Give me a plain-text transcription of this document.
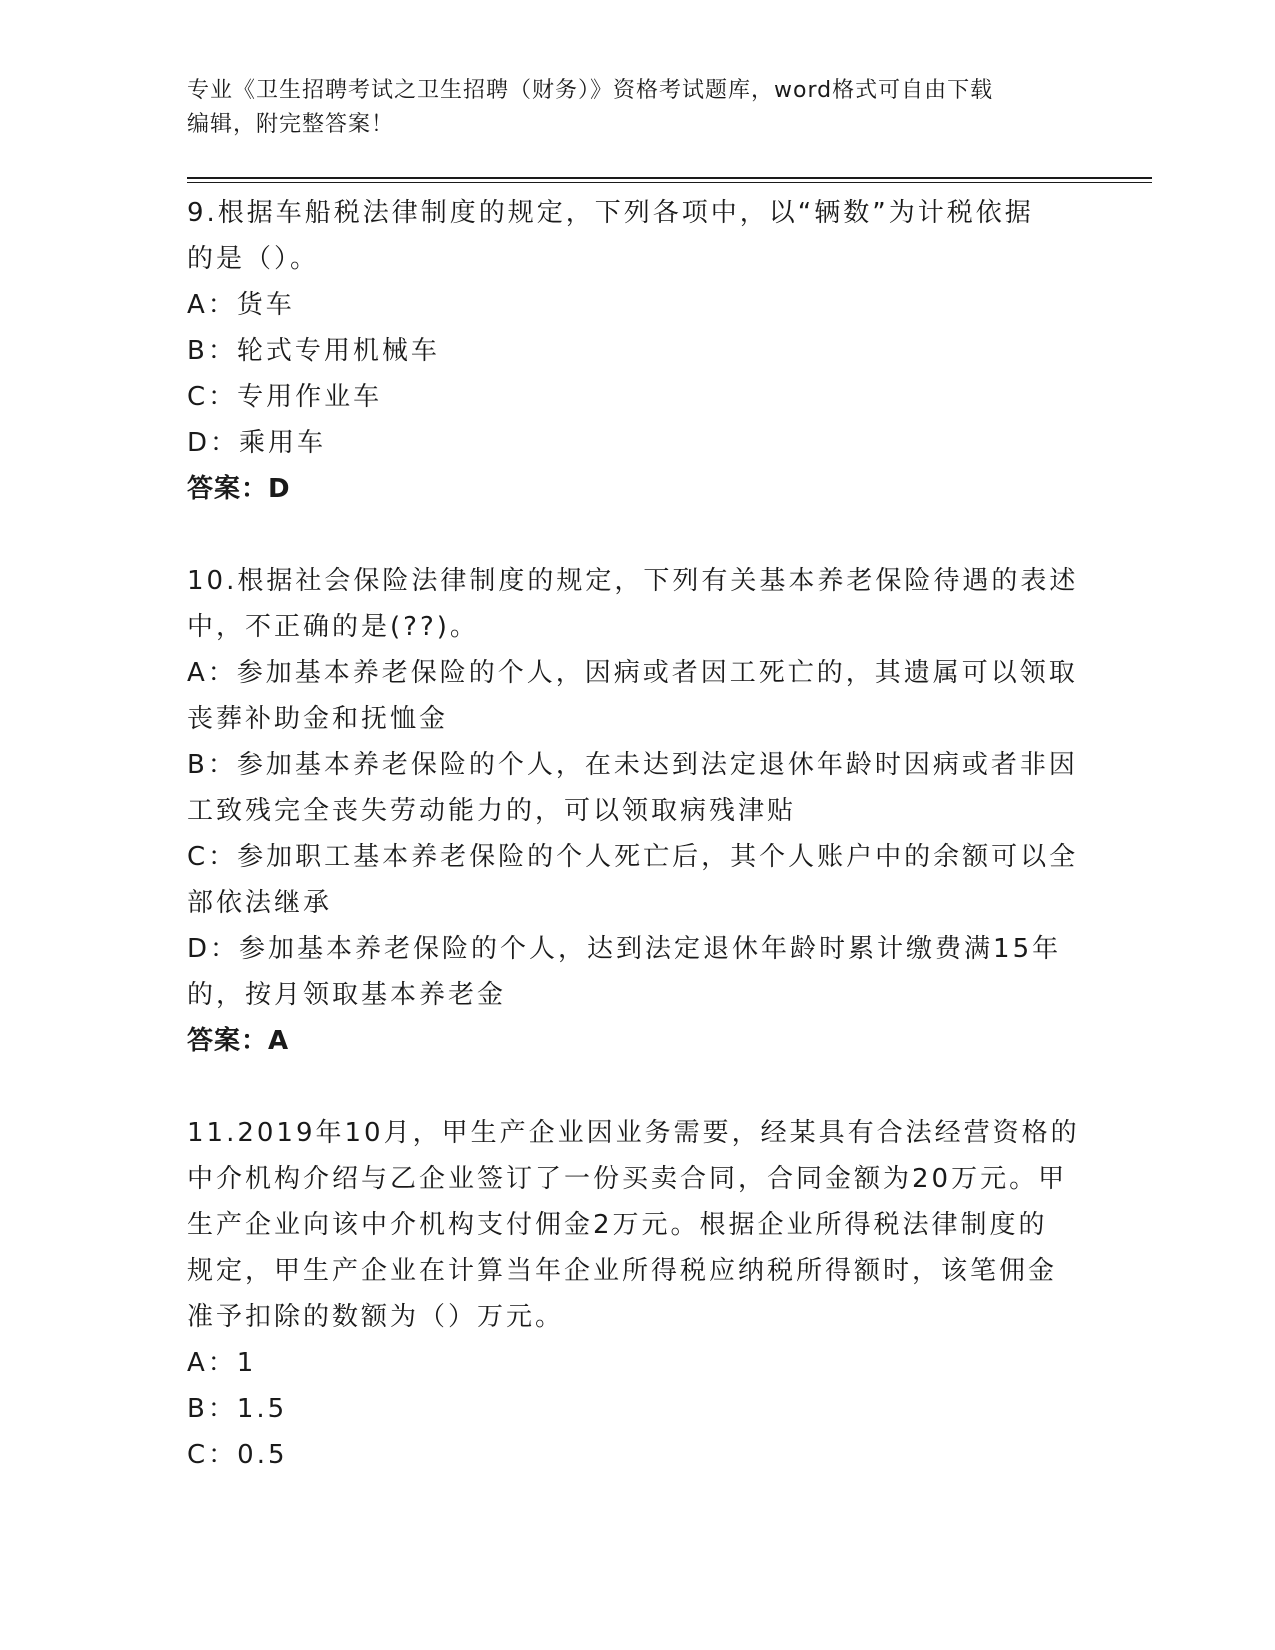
专业《卫生招聘考试之卫生招聘（财务）》资格考试题库，word格式可自由下载
编辑，附完整答案！
9.根据车船税法律制度的规定，下列各项中，以“辆数”为计税依据
的是（）。
A：货车
B：轮式专用机械车
C：专用作业车
D：乘用车
答案：D
10.根据社会保险法律制度的规定，下列有关基本养老保险待遇的表述
中，不正确的是(??)。
A：参加基本养老保险的个人，因病或者因工死亡的，其遗属可以领取
丧葬补助金和抚恤金
B：参加基本养老保险的个人，在未达到法定退休年龄时因病或者非因
工致残完全丧失劳动能力的，可以领取病残津贴
C：参加职工基本养老保险的个人死亡后，其个人账户中的余额可以全
部依法继承
D：参加基本养老保险的个人，达到法定退休年龄时累计缴费满15年
的，按月领取基本养老金
答案：A
11.2019年10月，甲生产企业因业务需要，经某具有合法经营资格的
中介机构介绍与乙企业签订了一份买卖合同，合同金额为20万元。甲
生产企业向该中介机构支付佣金2万元。根据企业所得税法律制度的
规定，甲生产企业在计算当年企业所得税应纳税所得额时，该笔佣金
准予扣除的数额为（）万元。
A：1
B：1.5
C：0.5
